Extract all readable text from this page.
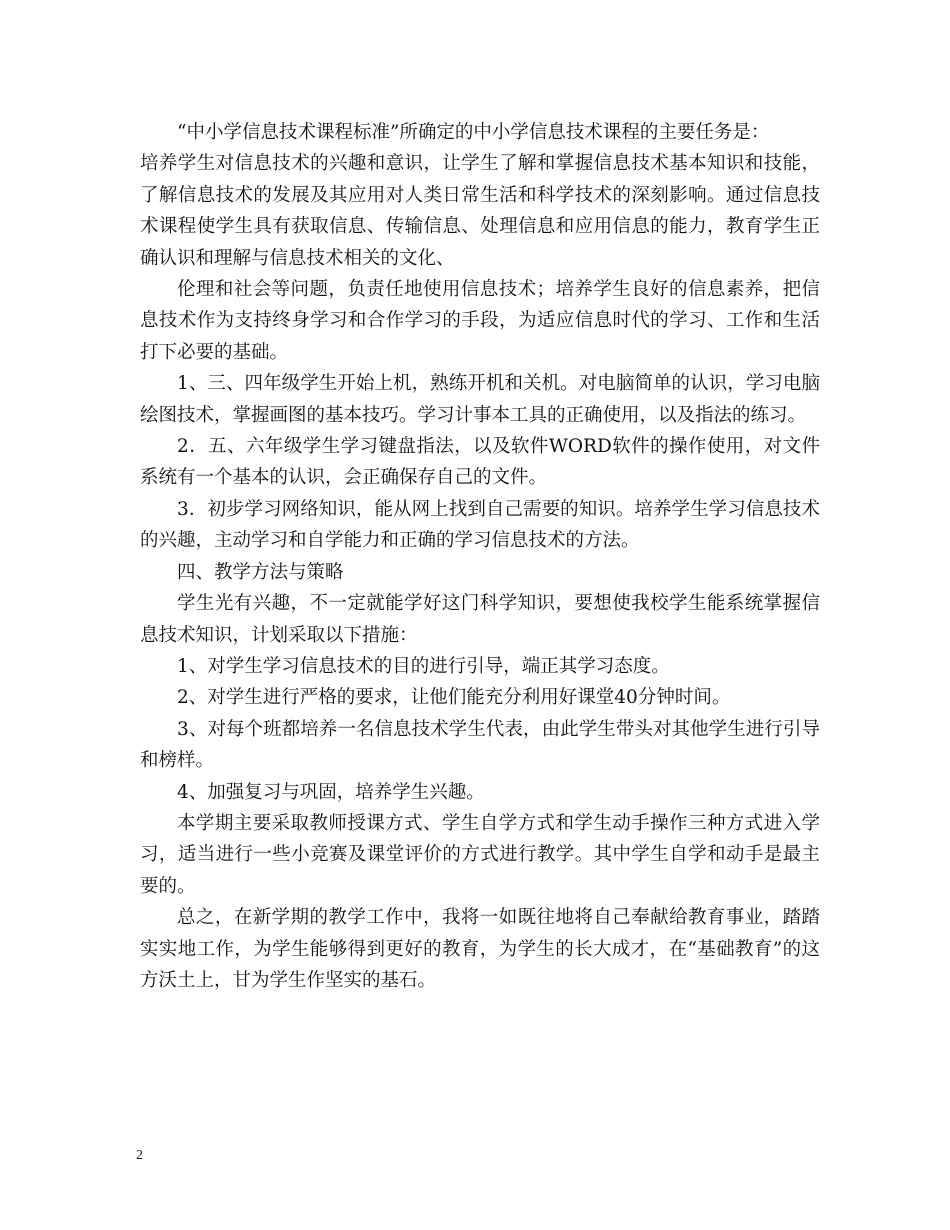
“中小学信息技术课程标准”所确定的中小学信息技术课程的主要任务是：

培养学生对信息技术的兴趣和意识，让学生了解和掌握信息技术基本知识和技能，了解信息技术的发展及其应用对人类日常生活和科学技术的深刻影响。通过信息技术课程使学生具有获取信息、传输信息、处理信息和应用信息的能力，教育学生正确认识和理解与信息技术相关的文化、

伦理和社会等问题，负责任地使用信息技术；培养学生良好的信息素养，把信息技术作为支持终身学习和合作学习的手段，为适应信息时代的学习、工作和生活打下必要的基础。

1、三、四年级学生开始上机，熟练开机和关机。对电脑简单的认识，学习电脑绘图技术，掌握画图的基本技巧。学习计事本工具的正确使用，以及指法的练习。

2．五、六年级学生学习键盘指法，以及软件WORD软件的操作使用，对文件系统有一个基本的认识，会正确保存自己的文件。

3．初步学习网络知识，能从网上找到自己需要的知识。培养学生学习信息技术的兴趣，主动学习和自学能力和正确的学习信息技术的方法。

四、教学方法与策略

学生光有兴趣，不一定就能学好这门科学知识，要想使我校学生能系统掌握信息技术知识，计划采取以下措施：

1、对学生学习信息技术的目的进行引导，端正其学习态度。

2、对学生进行严格的要求，让他们能充分利用好课堂40分钟时间。

3、对每个班都培养一名信息技术学生代表，由此学生带头对其他学生进行引导和榜样。

4、加强复习与巩固，培养学生兴趣。

本学期主要采取教师授课方式、学生自学方式和学生动手操作三种方式进入学习，适当进行一些小竞赛及课堂评价的方式进行教学。其中学生自学和动手是最主要的。

总之，在新学期的教学工作中，我将一如既往地将自己奉献给教育事业，踏踏实实地工作，为学生能够得到更好的教育，为学生的长大成才，在“基础教育”的这方沃土上，甘为学生作坚实的基石。

2
